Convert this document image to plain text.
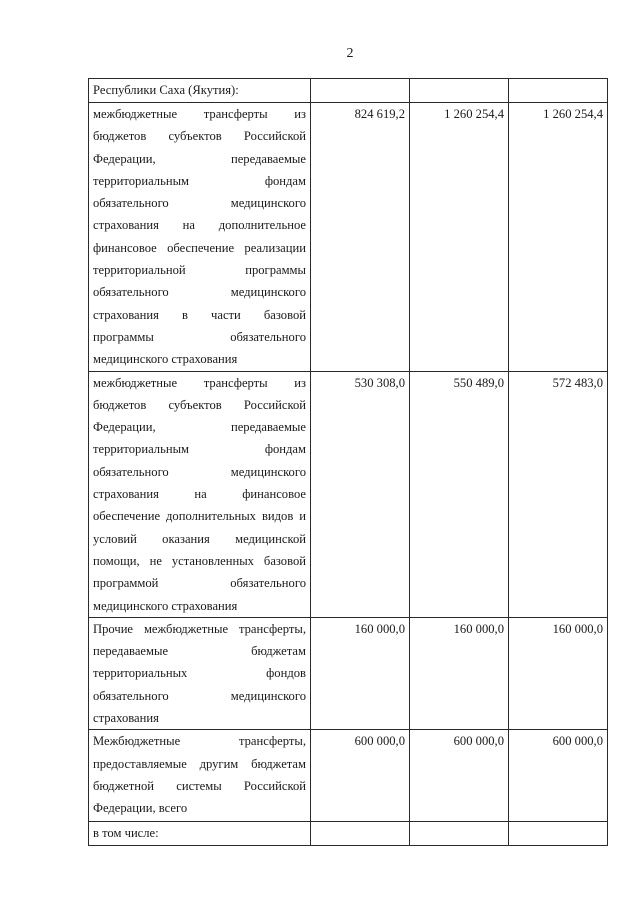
2
Республики Саха (Якутия):			
межбюджетные трансферты из бюджетов субъектов Российской Федерации, передаваемые территориальным фондам обязательного медицинского страхования на дополнительное финансовое обеспечение реализации территориальной программы обязательного медицинского страхования в части базовой программы обязательного медицинского страхования	824 619,2	1 260 254,4	1 260 254,4
межбюджетные трансферты из бюджетов субъектов Российской Федерации, передаваемые территориальным фондам обязательного медицинского страхования на финансовое обеспечение дополнительных видов и условий оказания медицинской помощи, не установленных базовой программой обязательного медицинского страхования	530 308,0	550 489,0	572 483,0
Прочие межбюджетные трансферты, передаваемые бюджетам территориальных фондов обязательного медицинского страхования	160 000,0	160 000,0	160 000,0
Межбюджетные трансферты, предоставляемые другим бюджетам бюджетной системы Российской Федерации, всего	600 000,0	600 000,0	600 000,0
в том числе:			
